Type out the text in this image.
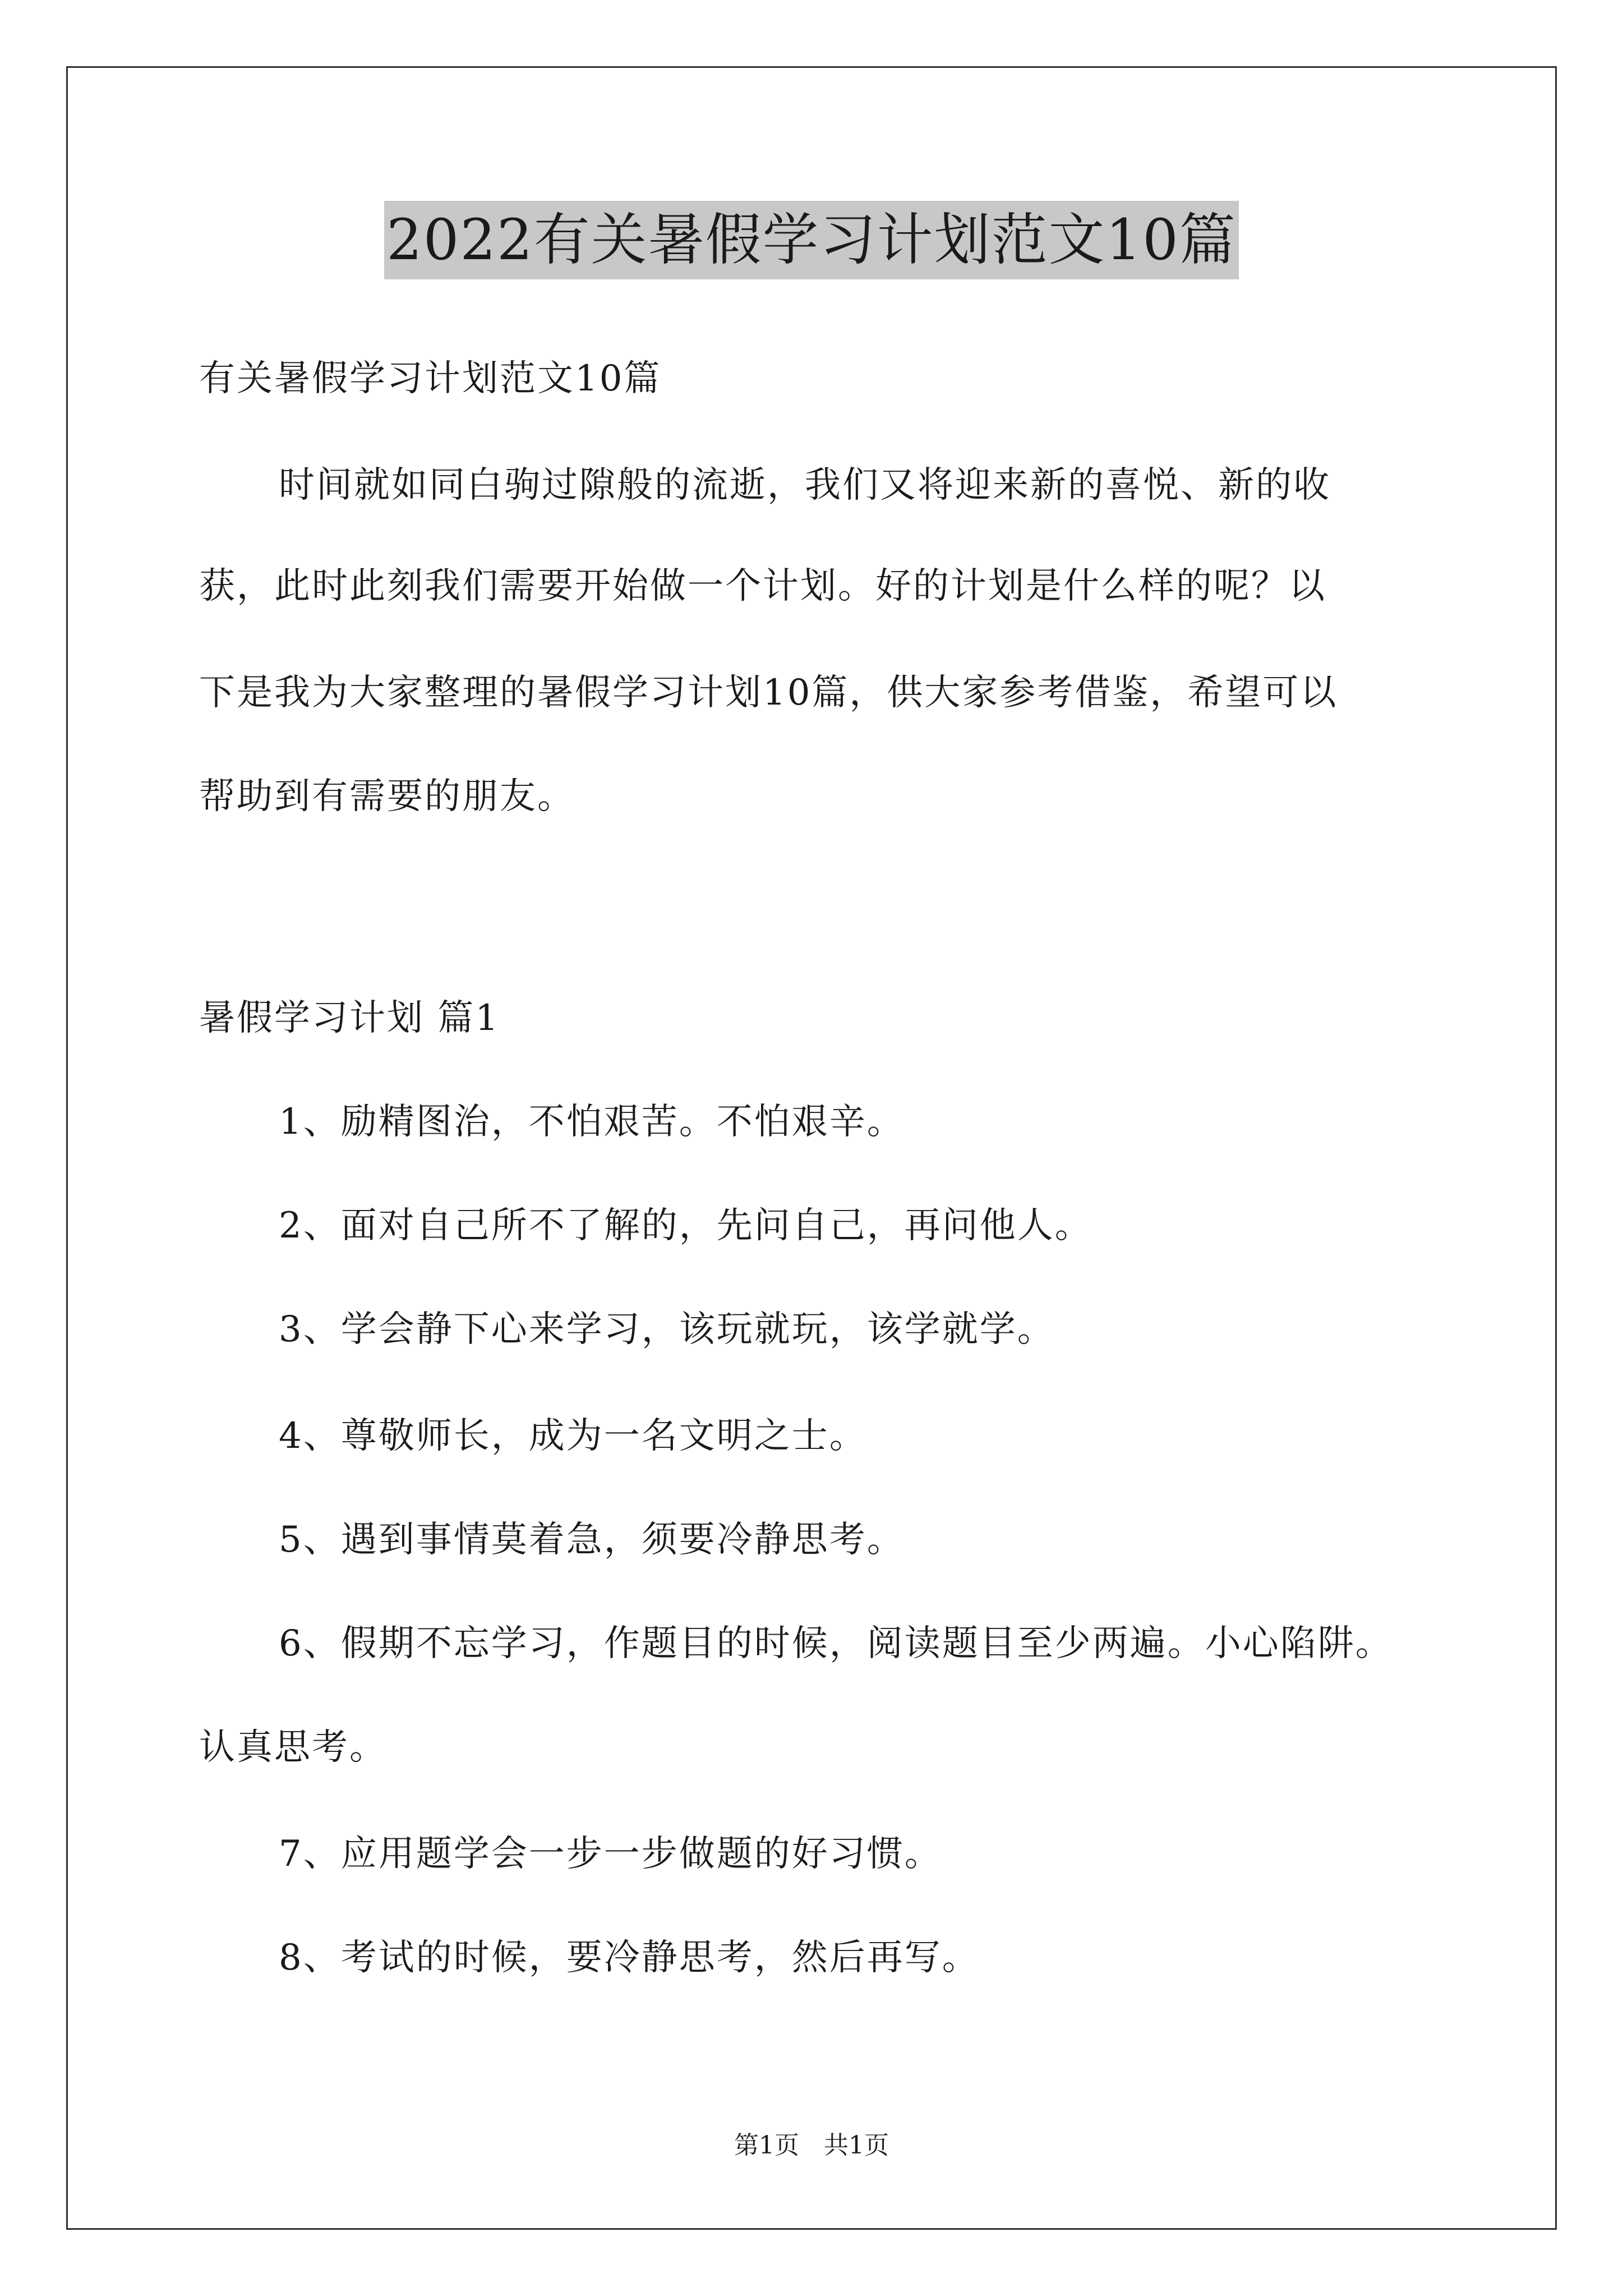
2022有关暑假学习计划范文10篇
有关暑假学习计划范文10篇
时间就如同白驹过隙般的流逝，我们又将迎来新的喜悦、新的收
获，此时此刻我们需要开始做一个计划。好的计划是什么样的呢？以
下是我为大家整理的暑假学习计划10篇，供大家参考借鉴，希望可以
帮助到有需要的朋友。
暑假学习计划 篇1
1、励精图治，不怕艰苦。不怕艰辛。
2、面对自己所不了解的，先问自己，再问他人。
3、学会静下心来学习，该玩就玩，该学就学。
4、尊敬师长，成为一名文明之士。
5、遇到事情莫着急，须要冷静思考。
6、假期不忘学习，作题目的时候，阅读题目至少两遍。小心陷阱。
认真思考。
7、应用题学会一步一步做题的好习惯。
8、考试的时候，要冷静思考，然后再写。
第1页　共1页
